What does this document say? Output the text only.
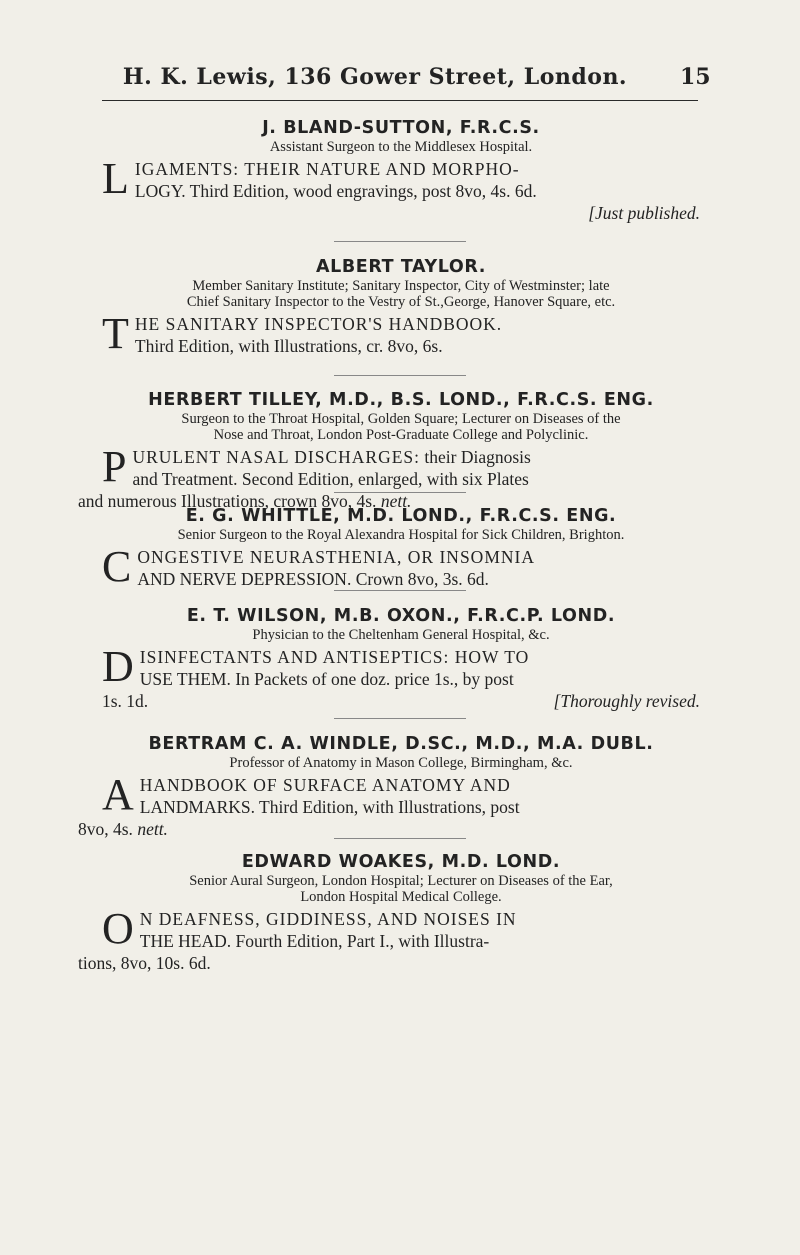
H. K. Lewis, 136 Gower Street, London.	15
J. BLAND-SUTTON, F.R.C.S.
Assistant Surgeon to the Middlesex Hospital.
L IGAMENTS: THEIR NATURE AND MORPHO-
LOGY. Third Edition, wood engravings, post 8vo, 4s. 6d.
[Just published.
ALBERT TAYLOR.
Member Sanitary Institute; Sanitary Inspector, City of Westminster; late
Chief Sanitary Inspector to the Vestry of St.,George, Hanover Square, etc.
T HE SANITARY INSPECTOR'S HANDBOOK.
Third Edition, with Illustrations, cr. 8vo, 6s.
HERBERT TILLEY, M.D., B.S. LOND., F.R.C.S. ENG.
Surgeon to the Throat Hospital, Golden Square; Lecturer on Diseases of the
Nose and Throat, London Post-Graduate College and Polyclinic.
P URULENT NASAL DISCHARGES: their Diagnosis
and Treatment. Second Edition, enlarged, with six Plates
and numerous Illustrations, crown 8vo, 4s. nett.
E. G. WHITTLE, M.D. LOND., F.R.C.S. ENG.
Senior Surgeon to the Royal Alexandra Hospital for Sick Children, Brighton.
C ONGESTIVE NEURASTHENIA, OR INSOMNIA
AND NERVE DEPRESSION. Crown 8vo, 3s. 6d.
E. T. WILSON, M.B. OXON., F.R.C.P. LOND.
Physician to the Cheltenham General Hospital, &c.
D ISINFECTANTS AND ANTISEPTICS: HOW TO
USE THEM. In Packets of one doz. price 1s., by post
1s. 1d.	[Thoroughly revised.
BERTRAM C. A. WINDLE, D.SC., M.D., M.A. DUBL.
Professor of Anatomy in Mason College, Birmingham, &c.
A HANDBOOK OF SURFACE ANATOMY AND
LANDMARKS. Third Edition, with Illustrations, post
8vo, 4s. nett.
EDWARD WOAKES, M.D. LOND.
Senior Aural Surgeon, London Hospital; Lecturer on Diseases of the Ear,
London Hospital Medical College.
O N DEAFNESS, GIDDINESS, AND NOISES IN
THE HEAD. Fourth Edition, Part I., with Illustra-
tions, 8vo, 10s. 6d.
